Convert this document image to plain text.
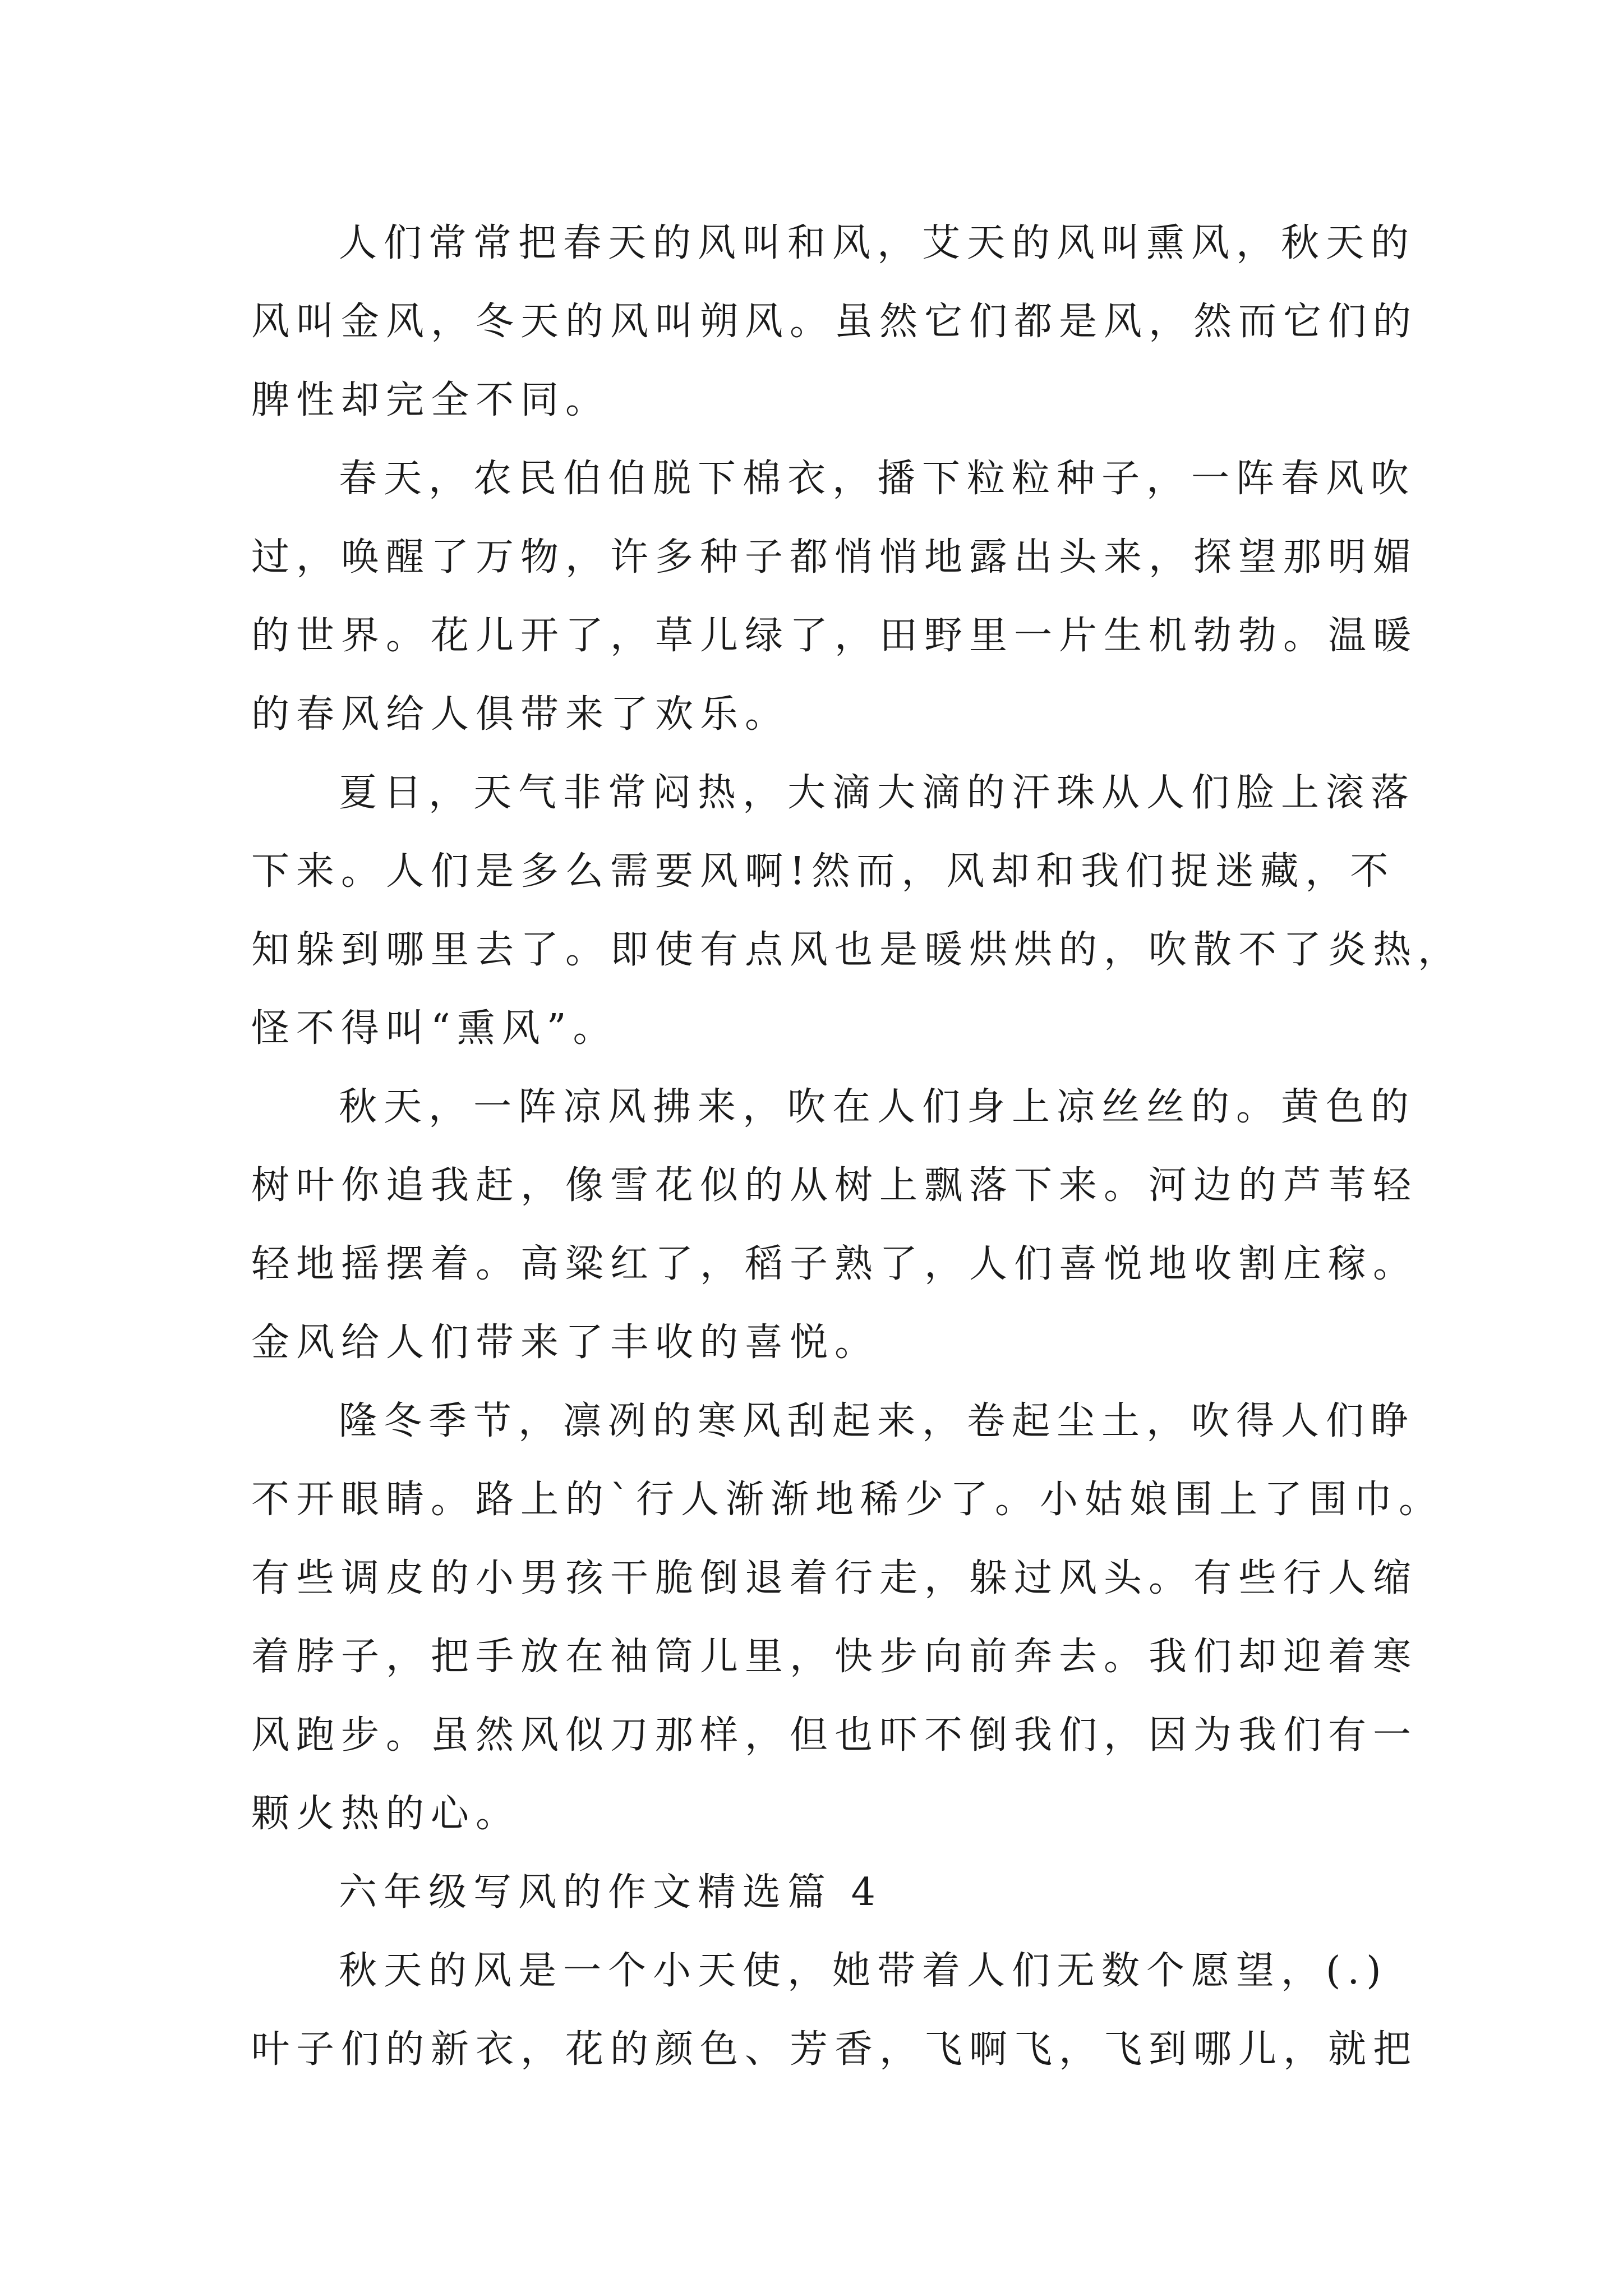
人们常常把春天的风叫和风，艾天的风叫熏风，秋天的
风叫金风，冬天的风叫朔风。虽然它们都是风，然而它们的
脾性却完全不同。
春天，农民伯伯脱下棉衣，播下粒粒种子，一阵春风吹
过，唤醒了万物，许多种子都悄悄地露出头来，探望那明媚
的世界。花儿开了，草儿绿了，田野里一片生机勃勃。温暖
的春风给人俱带来了欢乐。
夏日，天气非常闷热，大滴大滴的汗珠从人们脸上滚落
下来。人们是多么需要风啊!然而，风却和我们捉迷藏，不
知躲到哪里去了。即使有点风也是暖烘烘的，吹散不了炎热，
怪不得叫“熏风”。
秋天，一阵凉风拂来，吹在人们身上凉丝丝的。黄色的
树叶你追我赶，像雪花似的从树上飘落下来。河边的芦苇轻
轻地摇摆着。高粱红了，稻子熟了，人们喜悦地收割庄稼。
金风给人们带来了丰收的喜悦。
隆冬季节，凛冽的寒风刮起来，卷起尘土，吹得人们睁
不开眼睛。路上的`行人渐渐地稀少了。小姑娘围上了围巾。
有些调皮的小男孩干脆倒退着行走，躲过风头。有些行人缩
着脖子，把手放在袖筒儿里，快步向前奔去。我们却迎着寒
风跑步。虽然风似刀那样，但也吓不倒我们，因为我们有一
颗火热的心。
六年级写风的作文精选篇 4
秋天的风是一个小天使，她带着人们无数个愿望，(.)
叶子们的新衣，花的颜色、芳香，飞啊飞，飞到哪儿，就把
